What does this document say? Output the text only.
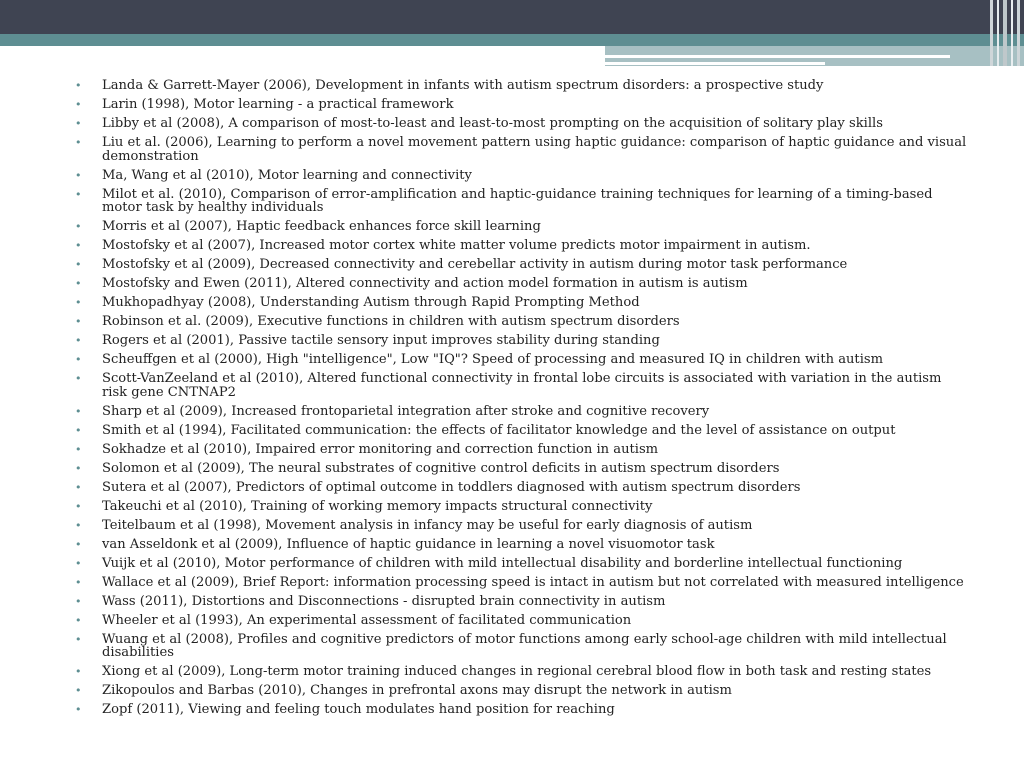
• Landa & Garrett-Mayer (2006), Development in infants with autism spectrum disorders: a prospective study
• Larin (1998), Motor learning - a practical framework
• Libby et al (2008), A comparison of most-to-least and least-to-most prompting on the acquisition of solitary play skills
• Liu et al. (2006), Learning to perform a novel movement pattern using haptic guidance: comparison of haptic guidance and visual demonstration
• Ma, Wang et al (2010), Motor learning and connectivity
• Milot et al. (2010), Comparison of error-amplification and haptic-guidance training techniques for learning of a timing-based motor task by healthy individuals
• Morris et al (2007), Haptic feedback enhances force skill learning
• Mostofsky et al (2007), Increased motor cortex white matter volume predicts motor impairment in autism.
• Mostofsky et al (2009), Decreased connectivity and cerebellar activity in autism during motor task performance
• Mostofsky and Ewen (2011), Altered connectivity and action model formation in autism is autism
• Mukhopadhyay (2008), Understanding Autism through Rapid Prompting Method
• Robinson et al. (2009), Executive functions in children with autism spectrum disorders
• Rogers et al (2001), Passive tactile sensory input improves stability during standing
• Scheuffgen et al (2000), High "intelligence", Low "IQ"? Speed of processing and measured IQ in children with autism
• Scott-VanZeeland et al (2010), Altered functional connectivity in frontal lobe circuits is associated with variation in the autism risk gene CNTNAP2
• Sharp et al (2009), Increased frontoparietal integration after stroke and cognitive recovery
• Smith et al (1994), Facilitated communication: the effects of facilitator knowledge and the level of assistance on output
• Sokhadze et al (2010), Impaired error monitoring and correction function in autism
• Solomon et al (2009), The neural substrates of cognitive control deficits in autism spectrum disorders
• Sutera et al (2007), Predictors of optimal outcome in toddlers diagnosed with autism spectrum disorders
• Takeuchi et al (2010), Training of working memory impacts structural connectivity
• Teitelbaum et al (1998), Movement analysis in infancy may be useful for early diagnosis of autism
• van Asseldonk et al (2009), Influence of haptic guidance in learning a novel visuomotor task
• Vuijk et al (2010), Motor performance of children with mild intellectual disability and borderline intellectual functioning
• Wallace et al (2009), Brief Report: information processing speed is intact in autism but not correlated with measured intelligence
• Wass (2011), Distortions and Disconnections - disrupted brain connectivity in autism
• Wheeler et al (1993), An experimental assessment of facilitated communication
• Wuang et al (2008), Profiles and cognitive predictors of motor functions among early school-age children with mild intellectual disabilities
• Xiong et al (2009), Long-term motor training induced changes in regional cerebral blood flow in both task and resting states
• Zikopoulos and Barbas (2010), Changes in prefrontal axons may disrupt the network in autism
• Zopf (2011), Viewing and feeling touch modulates hand position for reaching
